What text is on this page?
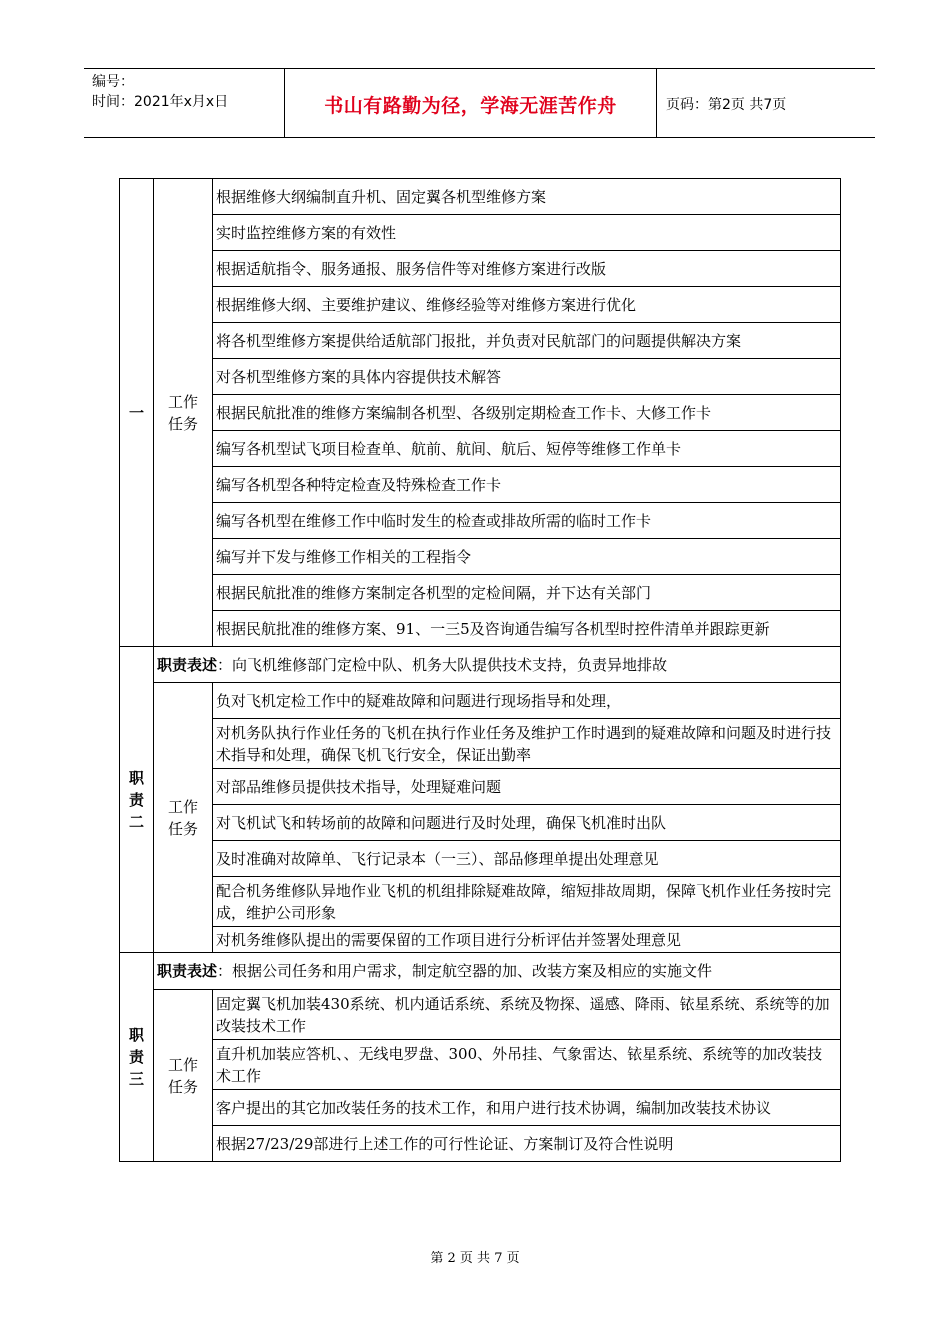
编号：
时间：2021年x月x日	书山有路勤为径，学海无涯苦作舟	页码：第2页 共7页
一	工作
任务	根据维修大纲编制直升机、固定翼各机型维修方案
		实时监控维修方案的有效性
		根据适航指令、服务通报、服务信件等对维修方案进行改版
		根据维修大纲、主要维护建议、维修经验等对维修方案进行优化
		将各机型维修方案提供给适航部门报批，并负责对民航部门的问题提供解决方案
		对各机型维修方案的具体内容提供技术解答
		根据民航批准的维修方案编制各机型、各级别定期检查工作卡、大修工作卡
		编写各机型试飞项目检查单、航前、航间、航后、短停等维修工作单卡
		编写各机型各种特定检查及特殊检查工作卡
		编写各机型在维修工作中临时发生的检查或排故所需的临时工作卡
		编写并下发与维修工作相关的工程指令
		根据民航批准的维修方案制定各机型的定检间隔，并下达有关部门
		根据民航批准的维修方案、91、一三5及咨询通告编写各机型时控件清单并跟踪更新

职
责
二	职责表述：向飞机维修部门定检中队、机务大队提供技术支持，负责异地排故	

	工作
任务	负对飞机定检工作中的疑难故障和问题进行现场指导和处理，
		对机务队执行作业任务的飞机在执行作业任务及维护工作时遇到的疑难故障和问题及时进行技术指导和处理，确保飞机飞行安全，保证出勤率
		对部品维修员提供技术指导，处理疑难问题
		对飞机试飞和转场前的故障和问题进行及时处理，确保飞机准时出队
		及时准确对故障单、飞行记录本（一三）、部品修理单提出处理意见
		配合机务维修队异地作业飞机的机组排除疑难故障，缩短排故周期，保障飞机作业任务按时完成，维护公司形象
		对机务维修队提出的需要保留的工作项目进行分析评估并签署处理意见

职
责
三	职责表述：根据公司任务和用户需求，制定航空器的加、改装方案及相应的实施文件	

	工作
任务	固定翼飞机加装430系统、机内通话系统、系统及物探、遥感、降雨、铱星系统、系统等的加改装技术工作
		直升机加装应答机、、无线电罗盘、300、外吊挂、气象雷达、铱星系统、系统等的加改装技术工作
		客户提出的其它加改装任务的技术工作，和用户进行技术协调，编制加改装技术协议
		根据27/23/29部进行上述工作的可行性论证、方案制订及符合性说明
第 2 页 共 7 页
